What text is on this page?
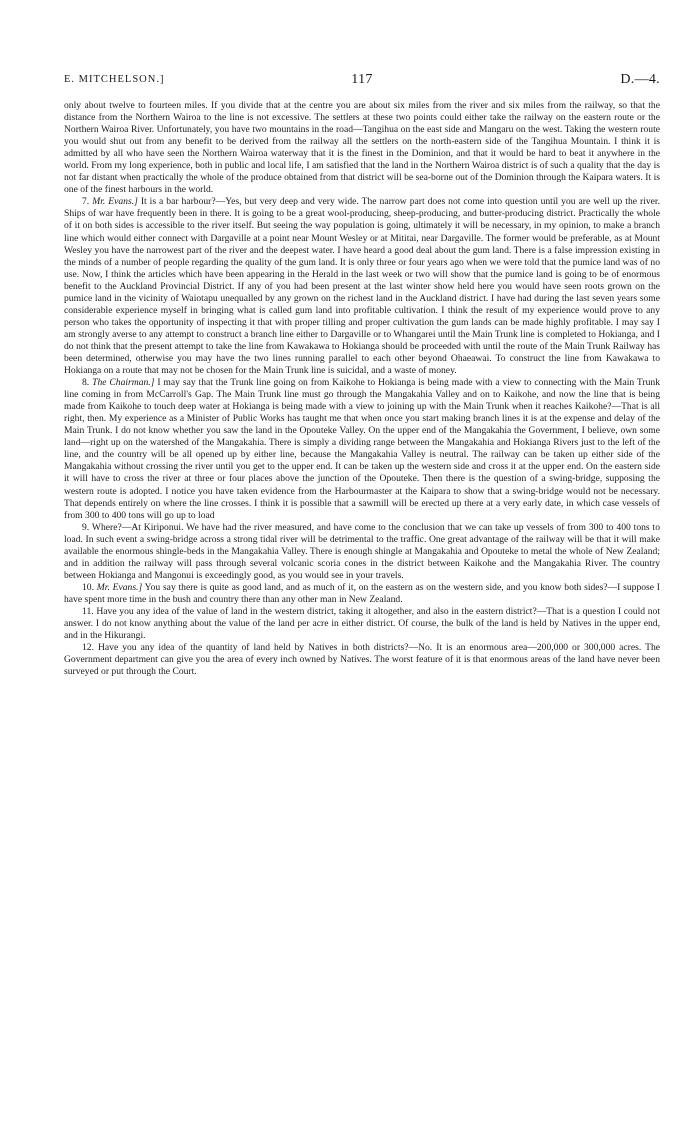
E. MITCHELSON.]	117	D.—4.

only about twelve to fourteen miles. If you divide that at the centre you are about six miles from the river and six miles from the railway, so that the distance from the Northern Wairoa to the line is not excessive. The settlers at these two points could either take the railway on the eastern route or the Northern Wairoa River. Unfortunately, you have two mountains in the road—Tangihua on the east side and Mangaru on the west. Taking the western route you would shut out from any benefit to be derived from the railway all the settlers on the north-eastern side of the Tangihua Mountain. I think it is admitted by all who have seen the Northern Wairoa waterway that it is the finest in the Dominion, and that it would be hard to beat it anywhere in the world. From my long experience, both in public and local life, I am satisfied that the land in the Northern Wairoa district is of such a quality that the day is not far distant when practically the whole of the produce obtained from that district will be sea-borne out of the Dominion through the Kaipara waters. It is one of the finest harbours in the world.

7. Mr. Evans.] It is a bar harbour?—Yes, but very deep and very wide. The narrow part does not come into question until you are well up the river. Ships of war have frequently been in there. It is going to be a great wool-producing, sheep-producing, and butter-producing district. Practically the whole of it on both sides is accessible to the river itself. But seeing the way population is going, ultimately it will be necessary, in my opinion, to make a branch line which would either connect with Dargaville at a point near Mount Wesley or at Mititai, near Dargaville. The former would be preferable, as at Mount Wesley you have the narrowest part of the river and the deepest water. I have heard a good deal about the gum land. There is a false impression existing in the minds of a number of people regarding the quality of the gum land. It is only three or four years ago when we were told that the pumice land was of no use. Now, I think the articles which have been appearing in the Herald in the last week or two will show that the pumice land is going to be of enormous benefit to the Auckland Provincial District. If any of you had been present at the last winter show held here you would have seen roots grown on the pumice land in the vicinity of Waiotapu unequalled by any grown on the richest land in the Auckland district. I have had during the last seven years some considerable experience myself in bringing what is called gum land into profitable cultivation. I think the result of my experience would prove to any person who takes the opportunity of inspecting it that with proper tilling and proper cultivation the gum lands can be made highly profitable. I may say I am strongly averse to any attempt to construct a branch line either to Dargaville or to Whangarei until the Main Trunk line is completed to Hokianga, and I do not think that the present attempt to take the line from Kawakawa to Hokianga should be proceeded with until the route of the Main Trunk Railway has been determined, otherwise you may have the two lines running parallel to each other beyond Ohaeawai. To construct the line from Kawakawa to Hokianga on a route that may not be chosen for the Main Trunk line is suicidal, and a waste of money.

8. The Chairman.] I may say that the Trunk line going on from Kaikohe to Hokianga is being made with a view to connecting with the Main Trunk line coming in from McCarroll's Gap. The Main Trunk line must go through the Mangakahia Valley and on to Kaikohe, and now the line that is being made from Kaikohe to touch deep water at Hokianga is being made with a view to joining up with the Main Trunk when it reaches Kaikohe?—That is all right, then. My experience as a Minister of Public Works has taught me that when once you start making branch lines it is at the expense and delay of the Main Trunk. I do not know whether you saw the land in the Opouteke Valley. On the upper end of the Mangakahia the Government, I believe, own some land—right up on the watershed of the Mangakahia. There is simply a dividing range between the Mangakahia and Hokianga Rivers just to the left of the line, and the country will be all opened up by either line, because the Mangakahia Valley is neutral. The railway can be taken up either side of the Mangakahia without crossing the river until you get to the upper end. It can be taken up the western side and cross it at the upper end. On the eastern side it will have to cross the river at three or four places above the junction of the Opouteke. Then there is the question of a swing-bridge, supposing the western route is adopted. I notice you have taken evidence from the Harbourmaster at the Kaipara to show that a swing-bridge would not be necessary. That depends entirely on where the line crosses. I think it is possible that a sawmill will be erected up there at a very early date, in which case vessels of from 300 to 400 tons will go up to load

9. Where?—At Kiriponui. We have had the river measured, and have come to the conclusion that we can take up vessels of from 300 to 400 tons to load. In such event a swing-bridge across a strong tidal river will be detrimental to the traffic. One great advantage of the railway will be that it will make available the enormous shingle-beds in the Mangakahia Valley. There is enough shingle at Mangakahia and Opouteke to metal the whole of New Zealand; and in addition the railway will pass through several volcanic scoria cones in the district between Kaikohe and the Mangakahia River. The country between Hokianga and Mangonui is exceedingly good, as you would see in your travels.

10. Mr. Evans.] You say there is quite as good land, and as much of it, on the eastern as on the western side, and you know both sides?—I suppose I have spent more time in the bush and country there than any other man in New Zealand.

11. Have you any idea of the value of land in the western district, taking it altogether, and also in the eastern district?—That is a question I could not answer. I do not know anything about the value of the land per acre in either district. Of course, the bulk of the land is held by Natives in the upper end, and in the Hikurangi.

12. Have you any idea of the quantity of land held by Natives in both districts?—No. It is an enormous area—200,000 or 300,000 acres. The Government department can give you the area of every inch owned by Natives. The worst feature of it is that enormous areas of the land have never been surveyed or put through the Court.
